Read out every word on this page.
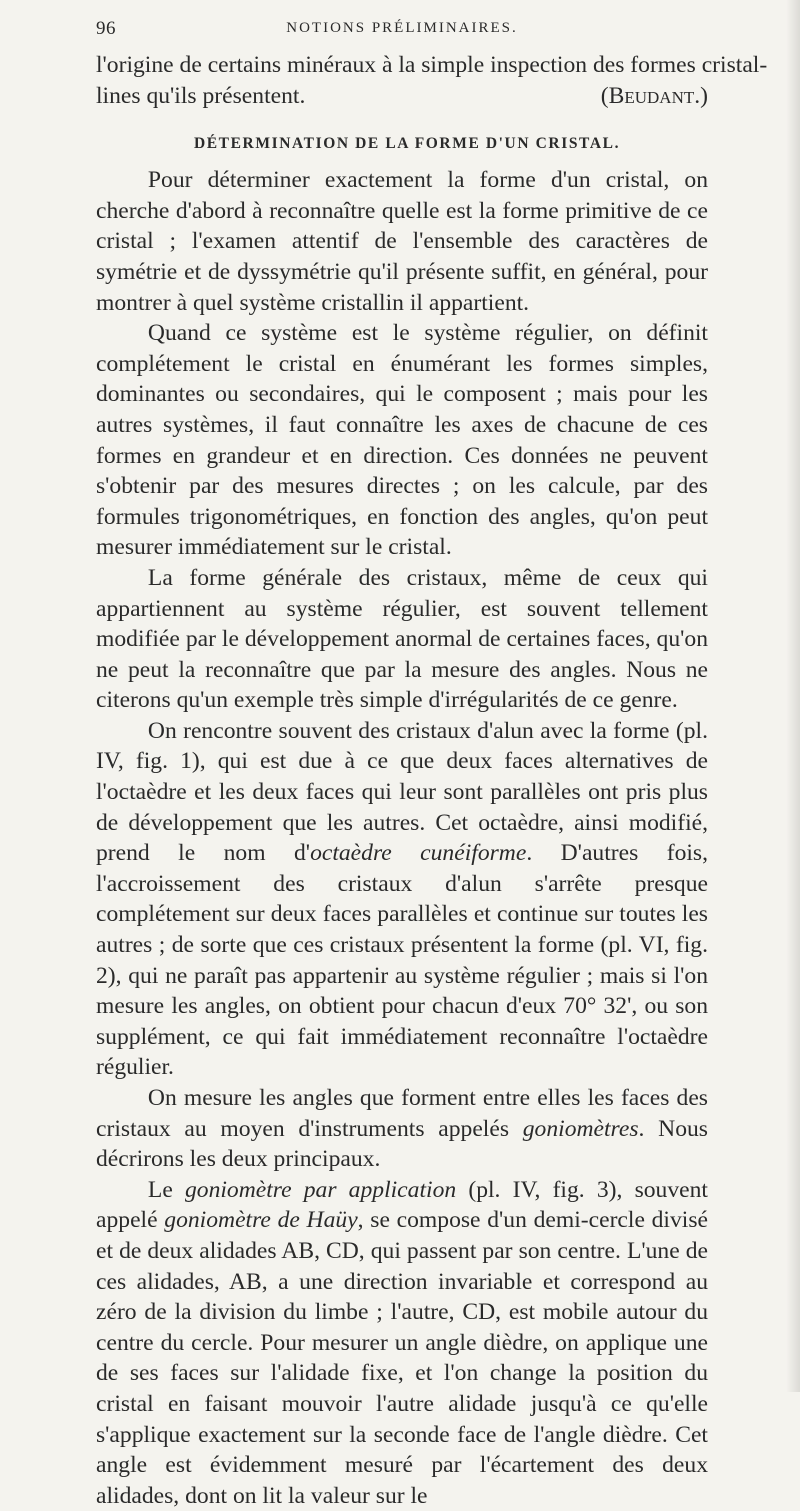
96	NOTIONS PRÉLIMINAIRES.
l'origine de certains minéraux à la simple inspection des formes cristal-
lines qu'ils présentent.	(Beudant.)
DÉTERMINATION DE LA FORME D'UN CRISTAL.

Pour déterminer exactement la forme d'un cristal, on cherche d'abord à reconnaître quelle est la forme primitive de ce cristal ; l'examen attentif de l'ensemble des caractères de symétrie et de dyssymétrie qu'il présente suffit, en général, pour montrer à quel système cristallin il appartient.

Quand ce système est le système régulier, on définit complétement le cristal en énumérant les formes simples, dominantes ou secondaires, qui le composent ; mais pour les autres systèmes, il faut connaître les axes de chacune de ces formes en grandeur et en direction. Ces données ne peuvent s'obtenir par des mesures directes ; on les calcule, par des formules trigonométriques, en fonction des angles, qu'on peut mesurer immédiatement sur le cristal.

La forme générale des cristaux, même de ceux qui appartiennent au système régulier, est souvent tellement modifiée par le développement anormal de certaines faces, qu'on ne peut la reconnaître que par la mesure des angles. Nous ne citerons qu'un exemple très simple d'irrégularités de ce genre.

On rencontre souvent des cristaux d'alun avec la forme (pl. IV, fig. 1), qui est due à ce que deux faces alternatives de l'octaèdre et les deux faces qui leur sont parallèles ont pris plus de développement que les autres. Cet octaèdre, ainsi modifié, prend le nom d'octaèdre cunéiforme. D'autres fois, l'accroissement des cristaux d'alun s'arrête presque complétement sur deux faces parallèles et continue sur toutes les autres ; de sorte que ces cristaux présentent la forme (pl. VI, fig. 2), qui ne paraît pas appartenir au système régulier ; mais si l'on mesure les angles, on obtient pour chacun d'eux 70° 32', ou son supplément, ce qui fait immédiatement reconnaître l'octaèdre régulier.

On mesure les angles que forment entre elles les faces des cristaux au moyen d'instruments appelés goniomètres. Nous décrirons les deux principaux.

Le goniomètre par application (pl. IV, fig. 3), souvent appelé goniomètre de Haüy, se compose d'un demi-cercle divisé et de deux alidades AB, CD, qui passent par son centre. L'une de ces alidades, AB, a une direction invariable et correspond au zéro de la division du limbe ; l'autre, CD, est mobile autour du centre du cercle. Pour mesurer un angle dièdre, on applique une de ses faces sur l'alidade fixe, et l'on change la position du cristal en faisant mouvoir l'autre alidade jusqu'à ce qu'elle s'applique exactement sur la seconde face de l'angle dièdre. Cet angle est évidemment mesuré par l'écartement des deux alidades, dont on lit la valeur sur le
